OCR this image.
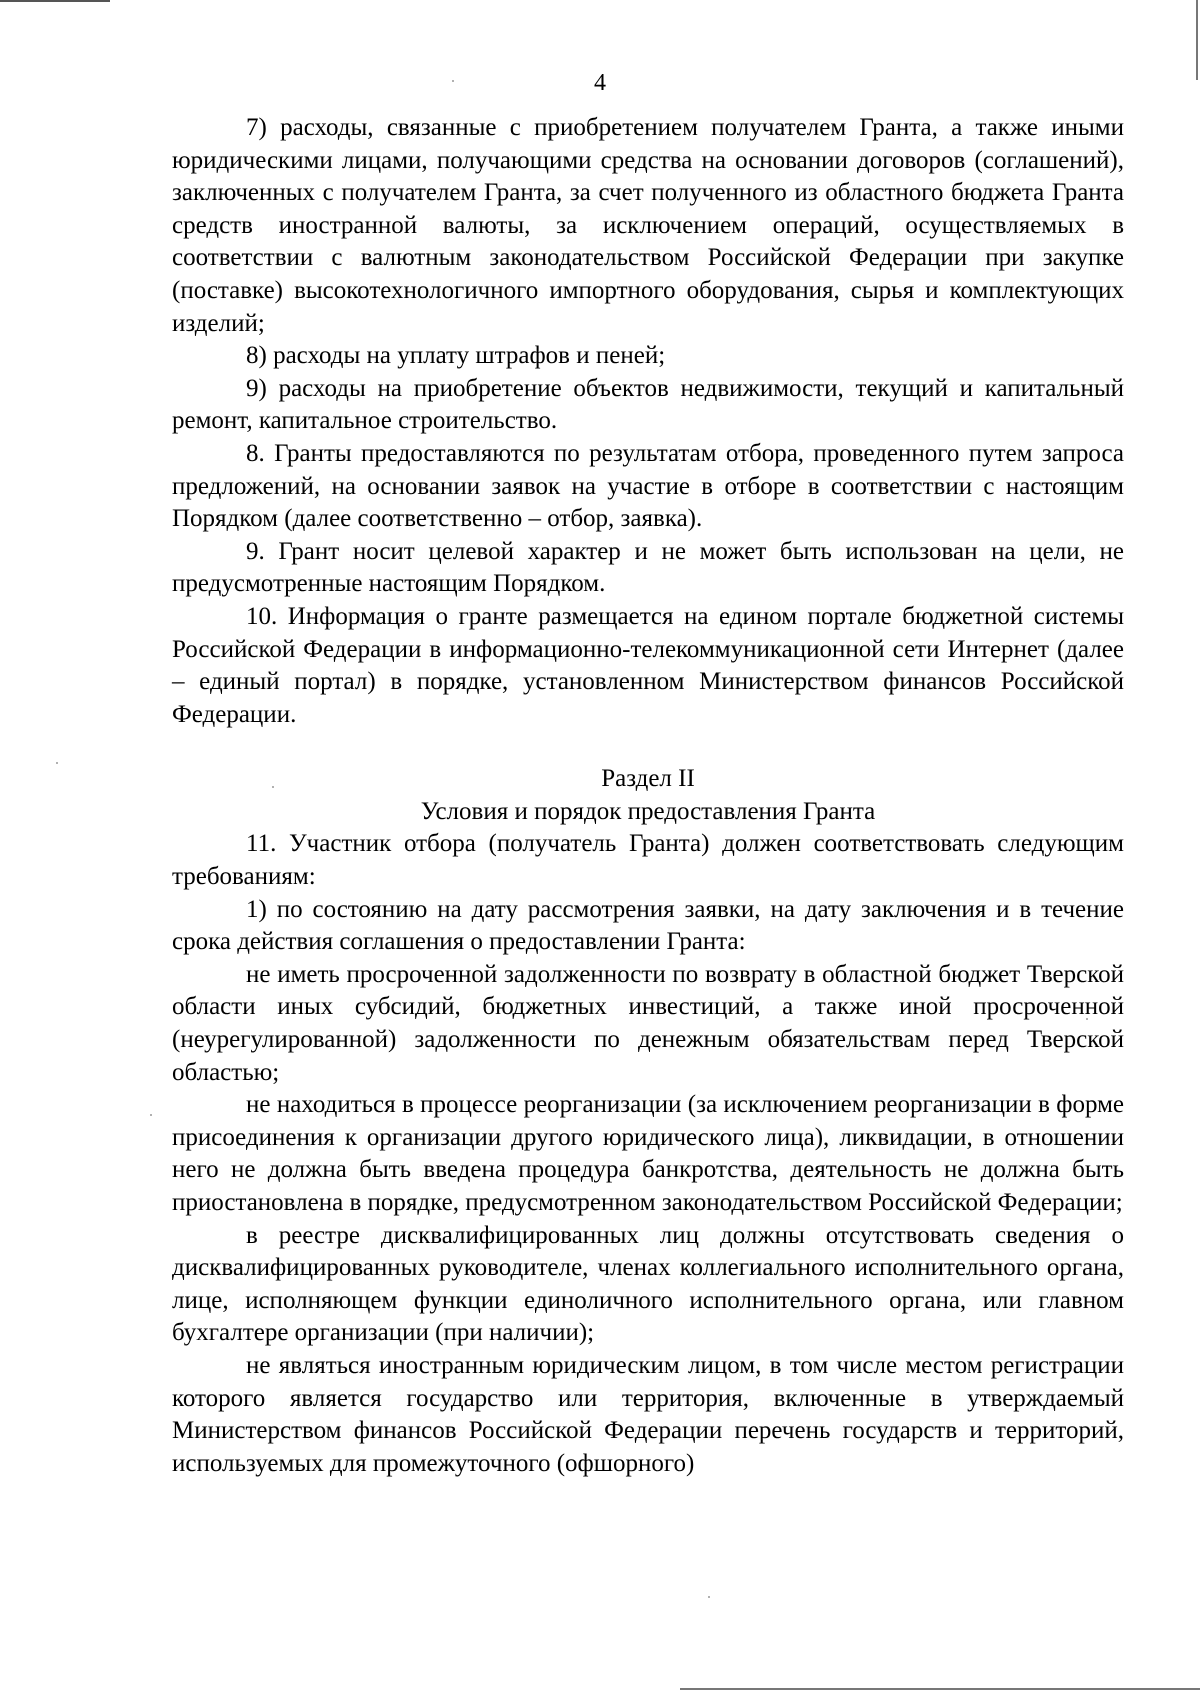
4

7) расходы, связанные с приобретением получателем Гранта, а также иными юридическими лицами, получающими средства на основании договоров (соглашений), заключенных с получателем Гранта, за счет полученного из областного бюджета Гранта средств иностранной валюты, за исключением операций, осуществляемых в соответствии с валютным законодательством Российской Федерации при закупке (поставке) высокотехнологичного импортного оборудования, сырья и комплектующих изделий;

8) расходы на уплату штрафов и пеней;

9) расходы на приобретение объектов недвижимости, текущий и капитальный ремонт, капитальное строительство.

8. Гранты предоставляются по результатам отбора, проведенного путем запроса предложений, на основании заявок на участие в отборе в соответствии с настоящим Порядком (далее соответственно – отбор, заявка).

9. Грант носит целевой характер и не может быть использован на цели, не предусмотренные настоящим Порядком.

10. Информация о гранте размещается на едином портале бюджетной системы Российской Федерации в информационно-телекоммуникационной сети Интернет (далее – единый портал) в порядке, установленном Министерством финансов Российской Федерации.

Раздел II
Условия и порядок предоставления Гранта

11. Участник отбора (получатель Гранта) должен соответствовать следующим требованиям:

1) по состоянию на дату рассмотрения заявки, на дату заключения и в течение срока действия соглашения о предоставлении Гранта:

не иметь просроченной задолженности по возврату в областной бюджет Тверской области иных субсидий, бюджетных инвестиций, а также иной просроченной (неурегулированной) задолженности по денежным обязательствам перед Тверской областью;

не находиться в процессе реорганизации (за исключением реорганизации в форме присоединения к организации другого юридического лица), ликвидации, в отношении него не должна быть введена процедура банкротства, деятельность не должна быть приостановлена в порядке, предусмотренном законодательством Российской Федерации;

в реестре дисквалифицированных лиц должны отсутствовать сведения о дисквалифицированных руководителе, членах коллегиального исполнительного органа, лице, исполняющем функции единоличного исполнительного органа, или главном бухгалтере организации (при наличии);

не являться иностранным юридическим лицом, в том числе местом регистрации которого является государство или территория, включенные в утверждаемый Министерством финансов Российской Федерации перечень государств и территорий, используемых для промежуточного (офшорного)
